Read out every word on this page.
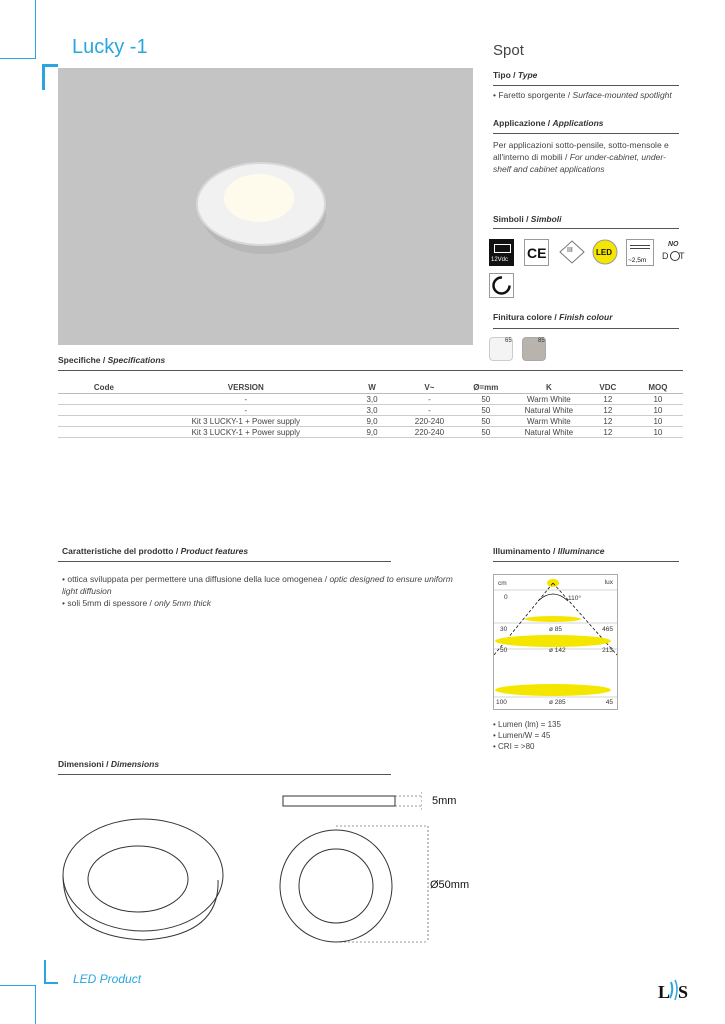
Lucky -1	Spot
Tipo / Type
• Faretto sporgente / Surface-mounted spotlight
Applicazione / Applications
Per applicazioni sotto-pensile, sotto-mensole e all'interno di mobili / For under-cabinet, under-shelf and cabinet applications
Simboli / Simboli
12Vdc CE	III	LED
~2,5m
NO
D T
Finitura colore / Finish colour
65	85
Specifiche / Specifications
Code	VERSION	W	V~	Ø=mm	K	VDC	MOQ
	-	3,0	-	50	Warm White	12	10
	-	3,0	-	50	Natural White	12	10
	Kit 3 LUCKY-1 + Power supply	9,0	220-240	50	Warm White	12	10
	Kit 3 LUCKY-1 + Power supply	9,0	220-240	50	Natural White	12	10
Caratteristiche del prodotto / Product features
• ottica sviluppata per permettere una diffusione della luce omogenea / optic designed to ensure uniform light diffusion
• soli 5mm di spessore / only 5mm thick
Illuminamento / Illuminance
cm	lux
110°
0
30	ø 85	465
50	ø 142	213
100	ø 285	45
• Lumen (lm) = 135
• Lumen/W = 45
• CRI = >80
Dimensioni / Dimensions
5mm
Ø50mm
LED Product
L S
